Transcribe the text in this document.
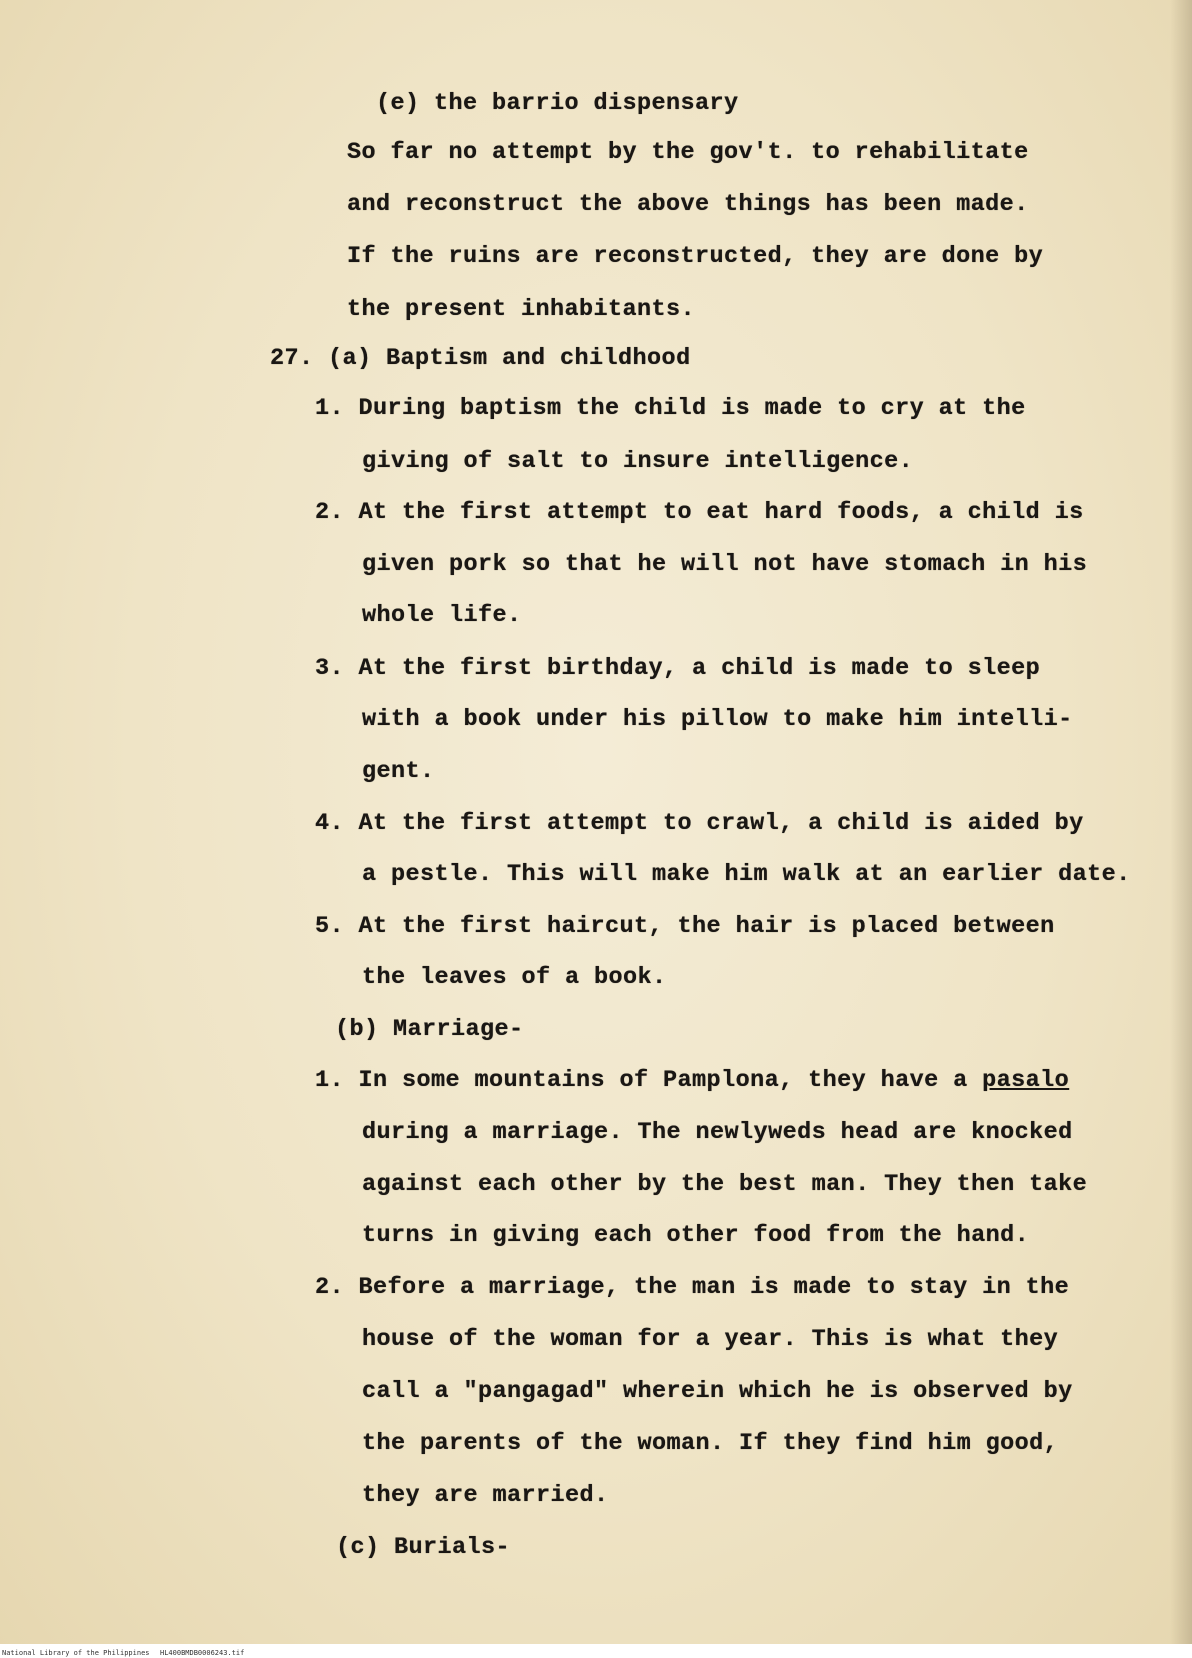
(e) the barrio dispensary
So far no attempt by the gov't. to rehabilitate
and reconstruct the above things has been made.
If the ruins are reconstructed, they are done by
the present inhabitants.
27. (a) Baptism and childhood
1. During baptism the child is made to cry at the
giving of salt to insure intelligence.
2. At the first attempt to eat hard foods, a child is
given pork so that he will not have stomach in his
whole life.
3. At the first birthday, a child is made to sleep
with a book under his pillow to make him intelli-
gent.
4. At the first attempt to crawl, a child is aided by
a pestle. This will make him walk at an earlier date.
5. At the first haircut, the hair is placed between
the leaves of a book.
(b) Marriage-
1. In some mountains of Pamplona, they have a pasalo
during a marriage. The newlyweds head are knocked
against each other by the best man. They then take
turns in giving each other food from the hand.
2. Before a marriage, the man is made to stay in the
house of the woman for a year. This is what they
call a "pangagad" wherein which he is observed by
the parents of the woman. If they find him good,
they are married.
(c) Burials-
National Library of the Philippines HL400BMDB0006243.tif
